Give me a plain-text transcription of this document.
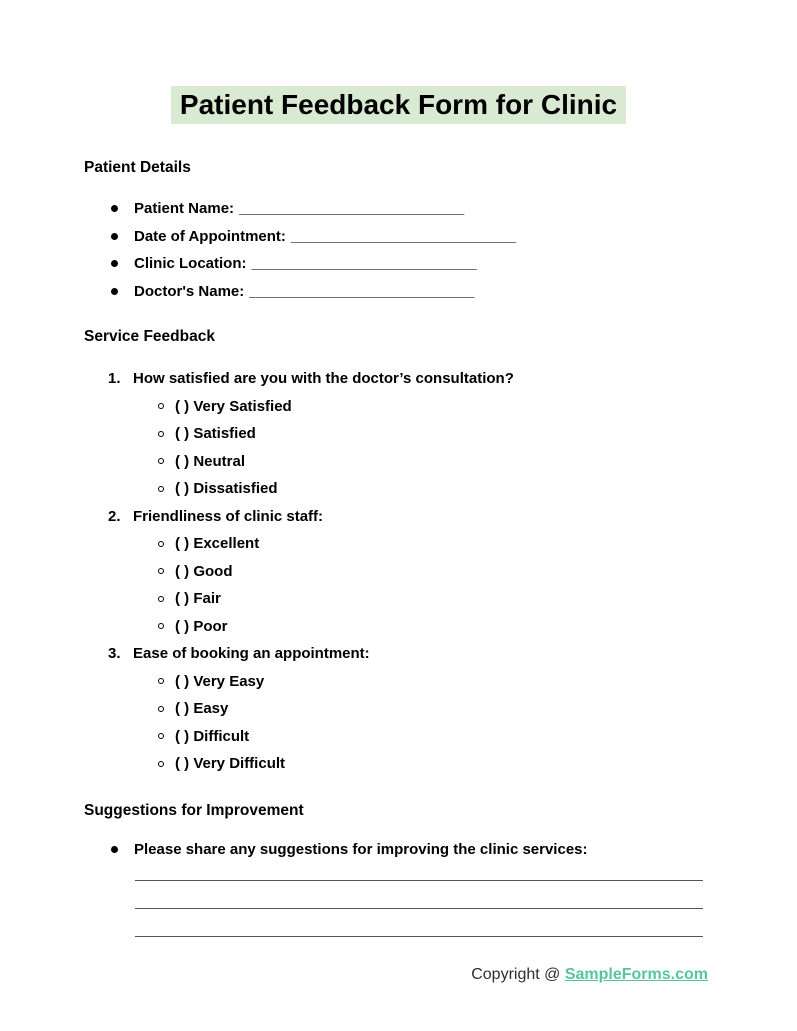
Patient Feedback Form for Clinic
Patient Details
Patient Name: ___________________________
Date of Appointment: ___________________________
Clinic Location: ___________________________
Doctor's Name: ___________________________
Service Feedback
1. How satisfied are you with the doctor’s consultation?
( ) Very Satisfied
( ) Satisfied
( ) Neutral
( ) Dissatisfied
2. Friendliness of clinic staff:
( ) Excellent
( ) Good
( ) Fair
( ) Poor
3. Ease of booking an appointment:
( ) Very Easy
( ) Easy
( ) Difficult
( ) Very Difficult
Suggestions for Improvement
Please share any suggestions for improving the clinic services:
Copyright @ SampleForms.com
